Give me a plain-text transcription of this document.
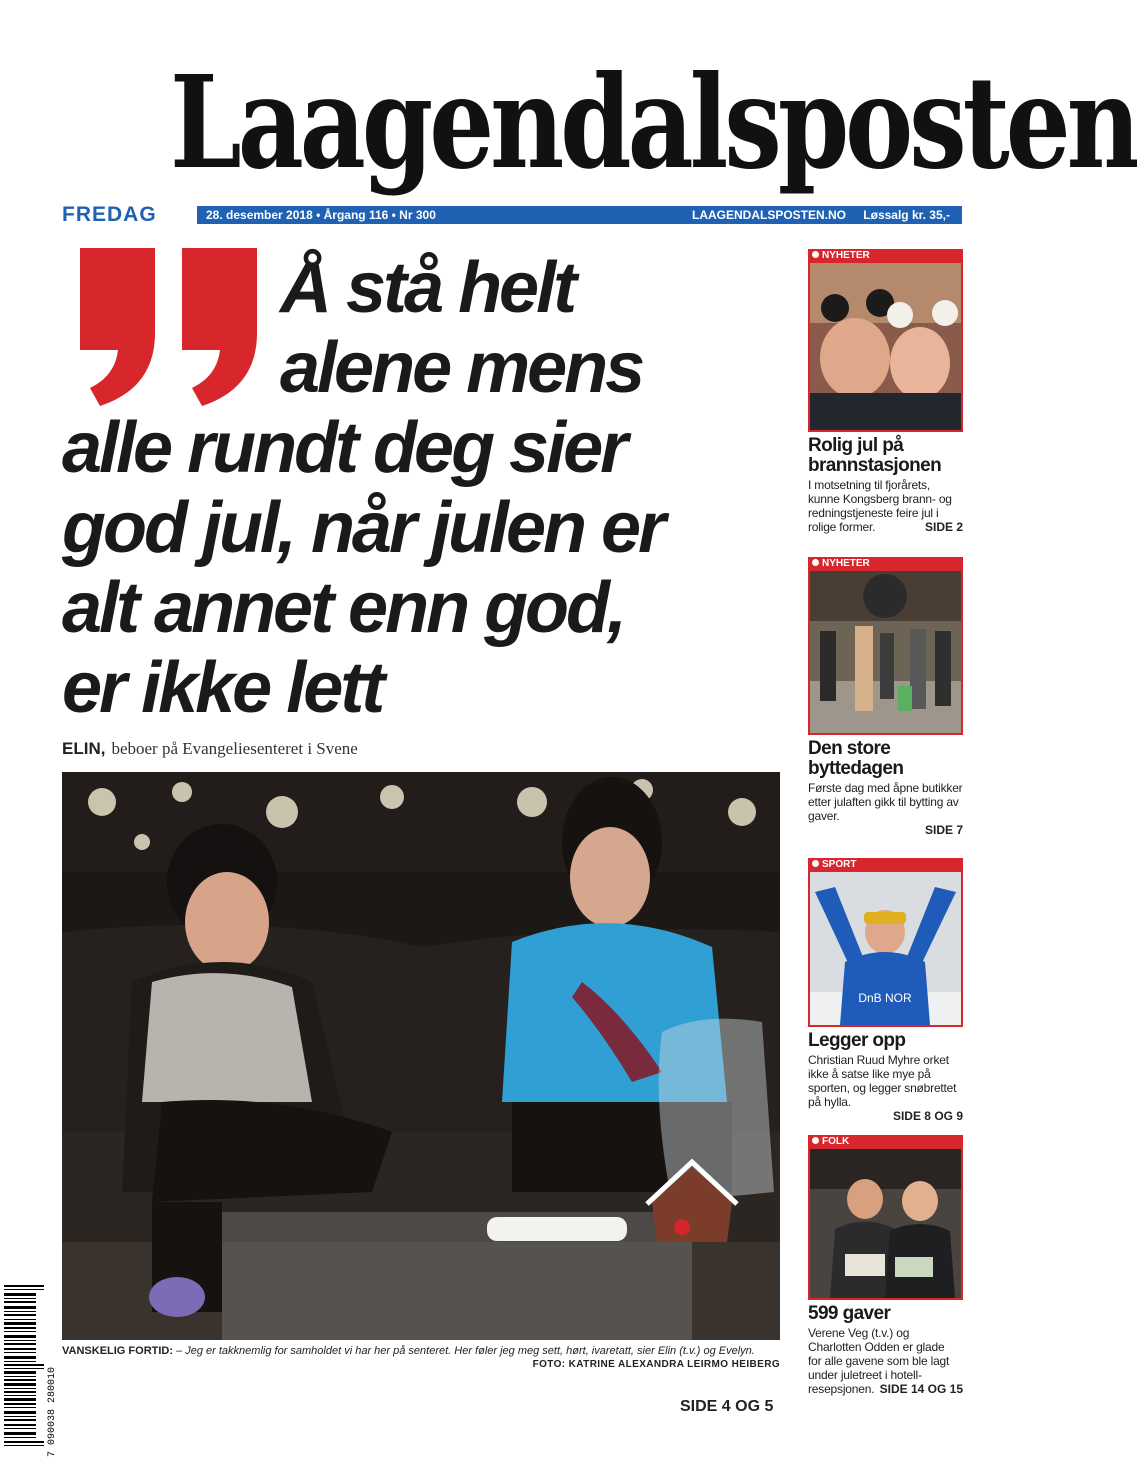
Laagendalsposten
FREDAG	28. desember 2018 • Årgang 116 • Nr 300	LAAGENDALSPOSTEN.NO Løssalg kr. 35,-
Å stå helt
alene mens
alle rundt deg sier
god jul, når julen er
alt annet enn god,
er ikke lett
ELIN, beboer på Evangeliesenteret i Svene
7 090038 280010
VANSKELIG FORTID: – Jeg er takknemlig for samholdet vi har her på senteret. Her føler jeg meg sett, hørt, ivaretatt, sier Elin (t.v.) og Evelyn.
FOTO: KATRINE ALEXANDRA LEIRMO HEIBERG
SIDE 4 OG 5
NYHETER
Rolig jul på brannstasjonen
I motsetning til fjorårets, kunne Kongsberg brann- og redningstjeneste feire jul i rolige former.	SIDE 2
NYHETER
Den store byttedagen
Første dag med åpne butikker etter julaften gikk til bytting av gaver.
SIDE 7
SPORT
DnB NOR
Legger opp
Christian Ruud Myhre orket ikke å satse like mye på sporten, og legger snøbrettet på hylla.
SIDE 8 OG 9
FOLK
599 gaver
Verene Veg (t.v.) og Charlotten Odden er glade for alle gavene som ble lagt under juletreet i hotell-resepsjonen. SIDE 14 OG 15
